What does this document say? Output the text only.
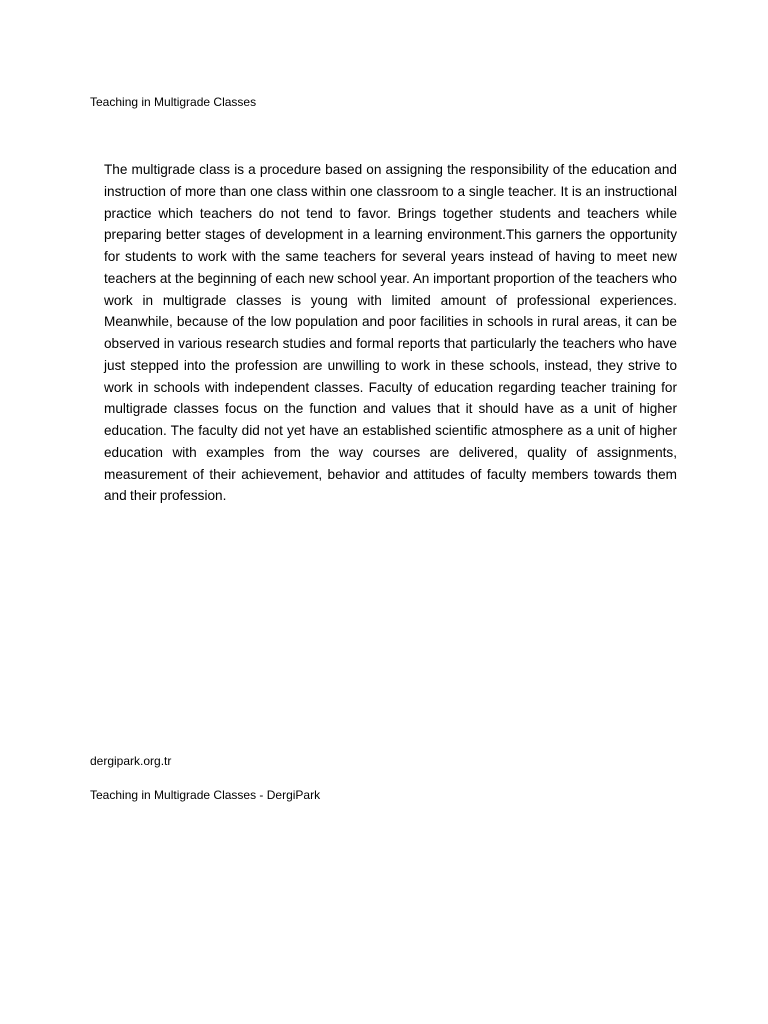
Teaching in Multigrade Classes

The multigrade class is a procedure based on assigning the responsibility of the education and instruction of more than one class within one classroom to a single teacher. It is an instructional practice which teachers do not tend to favor. Brings together students and teachers while preparing better stages of development in a learning environment.This garners the opportunity for students to work with the same teachers for several years instead of having to meet new teachers at the beginning of each new school year. An important proportion of the teachers who work in multigrade classes is young with limited amount of professional experiences. Meanwhile, because of the low population and poor facilities in schools in rural areas, it can be observed in various research studies and formal reports that particularly the teachers who have just stepped into the profession are unwilling to work in these schools, instead, they strive to work in schools with independent classes. Faculty of education regarding teacher training for multigrade classes focus on the function and values that it should have as a unit of higher education. The faculty did not yet have an established scientific atmosphere as a unit of higher education with examples from the way courses are delivered, quality of assignments, measurement of their achievement, behavior and attitudes of faculty members towards them and their profession.

dergipark.org.tr
Teaching in Multigrade Classes - DergiPark
